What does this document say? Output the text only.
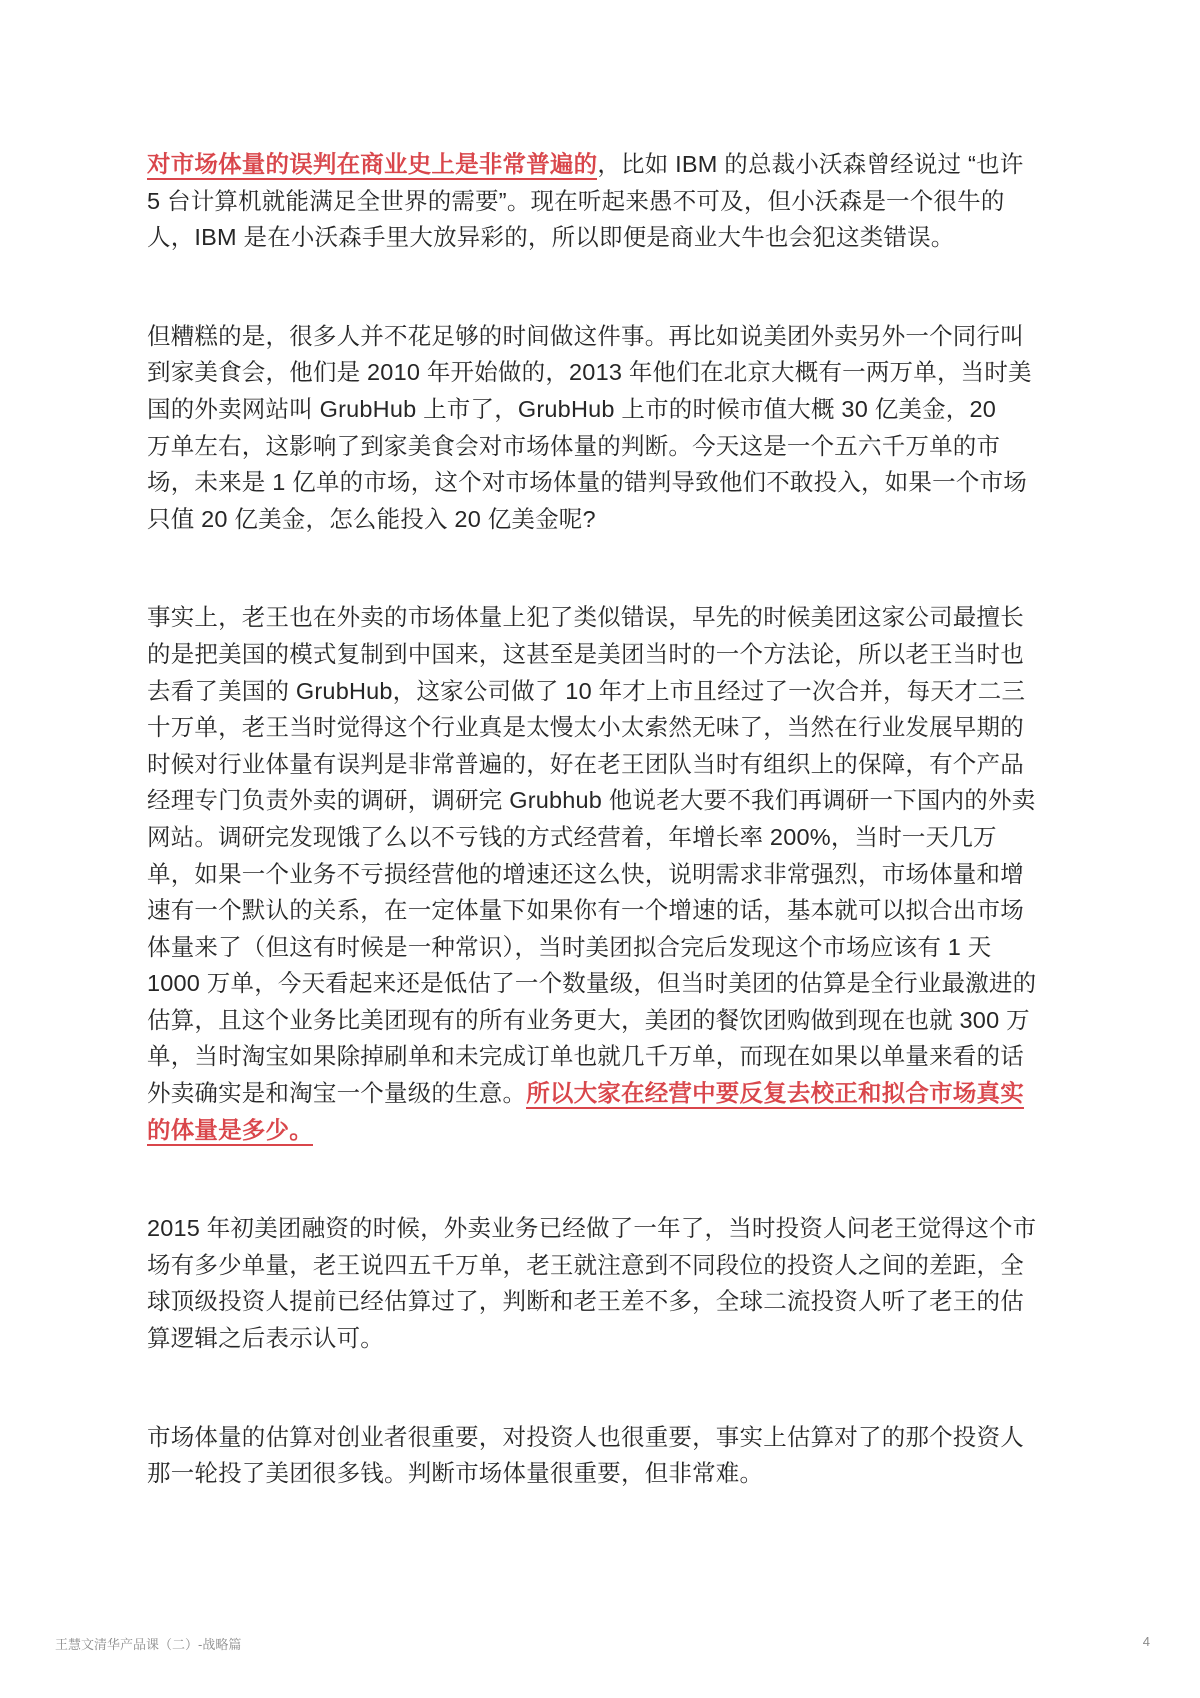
对市场体量的误判在商业史上是非常普遍的，比如 IBM 的总裁小沃森曾经说过 “也许
5 台计算机就能满足全世界的需要”。现在听起来愚不可及，但小沃森是一个很牛的
人，IBM 是在小沃森手里大放异彩的，所以即便是商业大牛也会犯这类错误。
但糟糕的是，很多人并不花足够的时间做这件事。再比如说美团外卖另外一个同行叫
到家美食会，他们是 2010 年开始做的，2013 年他们在北京大概有一两万单，当时美
国的外卖网站叫 GrubHub 上市了，GrubHub 上市的时候市值大概 30 亿美金，20
万单左右，这影响了到家美食会对市场体量的判断。今天这是一个五六千万单的市
场，未来是 1 亿单的市场，这个对市场体量的错判导致他们不敢投入，如果一个市场
只值 20 亿美金，怎么能投入 20 亿美金呢?
事实上，老王也在外卖的市场体量上犯了类似错误，早先的时候美团这家公司最擅长
的是把美国的模式复制到中国来，这甚至是美团当时的一个方法论，所以老王当时也
去看了美国的 GrubHub，这家公司做了 10 年才上市且经过了一次合并，每天才二三
十万单，老王当时觉得这个行业真是太慢太小太索然无味了，当然在行业发展早期的
时候对行业体量有误判是非常普遍的，好在老王团队当时有组织上的保障，有个产品
经理专门负责外卖的调研，调研完 Grubhub 他说老大要不我们再调研一下国内的外卖
网站。调研完发现饿了么以不亏钱的方式经营着，年增长率 200%，当时一天几万
单，如果一个业务不亏损经营他的增速还这么快，说明需求非常强烈，市场体量和增
速有一个默认的关系，在一定体量下如果你有一个增速的话，基本就可以拟合出市场
体量来了（但这有时候是一种常识），当时美团拟合完后发现这个市场应该有 1 天
1000 万单，今天看起来还是低估了一个数量级，但当时美团的估算是全行业最激进的
估算，且这个业务比美团现有的所有业务更大，美团的餐饮团购做到现在也就 300 万
单，当时淘宝如果除掉刷单和未完成订单也就几千万单，而现在如果以单量来看的话
外卖确实是和淘宝一个量级的生意。所以大家在经营中要反复去校正和拟合市场真实
的体量是多少。
2015 年初美团融资的时候，外卖业务已经做了一年了，当时投资人问老王觉得这个市
场有多少单量，老王说四五千万单，老王就注意到不同段位的投资人之间的差距，全
球顶级投资人提前已经估算过了，判断和老王差不多，全球二流投资人听了老王的估
算逻辑之后表示认可。
市场体量的估算对创业者很重要，对投资人也很重要，事实上估算对了的那个投资人
那一轮投了美团很多钱。判断市场体量很重要，但非常难。
王慧文清华产品课（二）-战略篇	4
